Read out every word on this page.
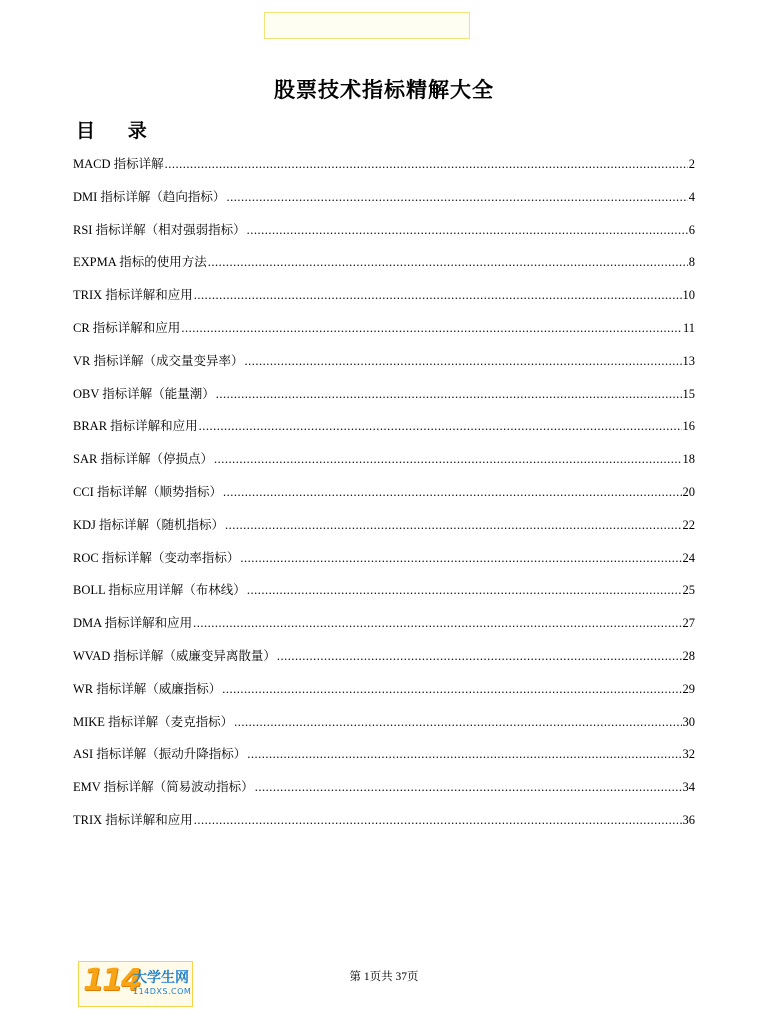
股票技术指标精解大全
目 录
MACD 指标详解 .....	2
DMI 指标详解（趋向指标） .....	4
RSI 指标详解（相对强弱指标） .....	6
EXPMA 指标的使用方法 .....	8
TRIX 指标详解和应用 .....	10
CR 指标详解和应用 .....	11
VR 指标详解（成交量变异率） .....	13
OBV 指标详解（能量潮） .....	15
BRAR 指标详解和应用 .....	16
SAR 指标详解（停损点） .....	18
CCI 指标详解（顺势指标） .....	20
KDJ 指标详解（随机指标） .....	22
ROC 指标详解（变动率指标） .....	24
BOLL 指标应用详解（布林线） .....	25
DMA 指标详解和应用 .....	27
WVAD 指标详解（威廉变异离散量） .....	28
WR 指标详解（威廉指标） .....	29
MIKE 指标详解（麦克指标） .....	30
ASI 指标详解（振动升降指标） .....	32
EMV 指标详解（简易波动指标） .....	34
TRIX 指标详解和应用 .....	36
第 1页共 37页
114
大学生网
114DXS.COM
